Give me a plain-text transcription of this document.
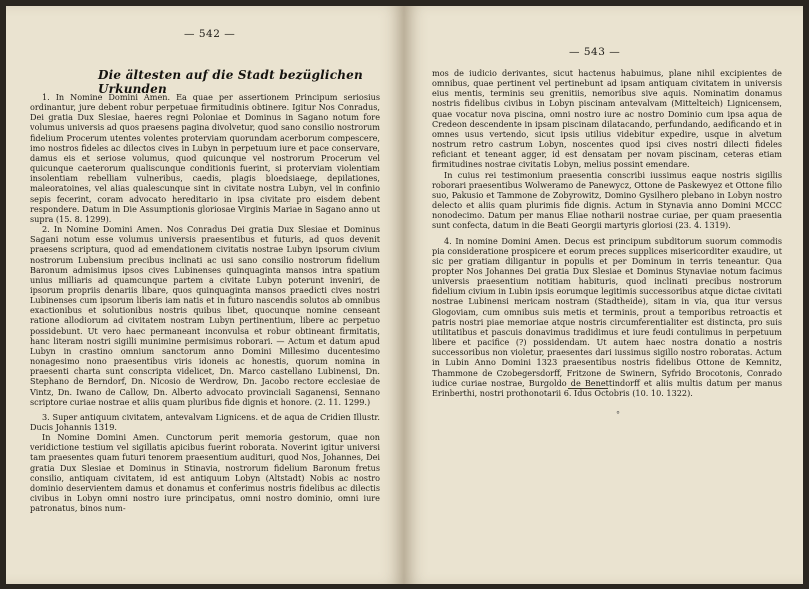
— 542 —
Die ältesten auf die Stadt bezüglichen Urkunden

1. In Nomine Domini Amen. Ea quae per assertionem Principum seriosius ordinantur, jure debent robur perpetuae firmitudinis obtinere. Igitur Nos Conradus, Dei gratia Dux Slesiae, haeres regni Poloniae et Dominus in Sagano notum fore volumus universis ad quos praesens pagina divolvetur, quod sano consilio nostrorum fidelium Procerum utentes volentes proterviam quorundam acerborum compescere, imo nostros fideles ac dilectos cives in Lubyn in perpetuum iure et pace conservare, damus eis et seriose volumus, quod quicunque vel nostrorum Procerum vel quicunque caeterorum qualiscunque conditionis fuerint, si proterviam violentiam insolentiam rebelliam vulneribus, caedis, plagis bloedsiaege, depilationes, maleoratoines, vel alias qualescunque sint in civitate nostra Lubyn, vel in confinio sepis fecerint, coram advocato hereditario in ipsa civitate pro eisdem debent respondere. Datum in Die Assumptionis gloriosae Virginis Mariae in Sagano anno ut supra (15. 8. 1299).

2. In Nomine Domini Amen. Nos Conradus Dei gratia Dux Slesiae et Dominus Sagani notum esse volumus universis praesentibus et futuris, ad quos devenit praesens scriptura, quod ad emendationem civitatis nostrae Lubyn ipsorum civium nostrorum Lubensium precibus inclinati ac usi sano consilio nostrorum fidelium Baronum admisimus ipsos cives Lubinenses quinquaginta mansos intra spatium unius milliaris ad quamcunque partem a civitate Lubyn poterunt inveniri, de ipsorum propriis denariis libare, quos quinquaginta mansos praedicti cives nostri Lubinenses cum ipsorum liberis iam natis et in futuro nascendis solutos ab omnibus exactionibus et solutionibus nostris quibus libet, quocunque nomine censeant ratione allodiorum ad civitatem nostram Lubyn pertinentium, libere ac perpetuo possidebunt. Ut vero haec permaneant inconvulsa et robur obtineant firmitatis, hanc literam nostri sigilli munimine permisimus roborari. — Actum et datum apud Lubyn in crastino omnium sanctorum anno Domini Millesimo ducentesimo nonagesimo nono praesentibus viris idoneis ac honestis, quorum nomina in praesenti charta sunt conscripta videlicet, Dn. Marco castellano Lubinensi, Dn. Stephano de Berndorf, Dn. Nicosio de Werdrow, Dn. Jacobo rectore ecclesiae de Vintz, Dn. Iwano de Callow, Dn. Alberto advocato provinciali Saganensi, Sennano scriptore curiae nostrae et aliis quam pluribus fide dignis et honore. (2. 11. 1299.)

3. Super antiquum civitatem, antevalvam Lignicens. et de aqua de Cridien Illustr. Ducis Johannis 1319.

In Nomine Domini Amen. Cunctorum perit memoria gestorum, quae non veridictione testium vel sigillatis apicibus fuerint roborata. Noverint igitur universi tam praesentes quam futuri tenorem praesentium audituri, quod Nos, Johannes, Dei gratia Dux Slesiae et Dominus in Stinavia, nostrorum fidelium Baronum fretus consilio, antiquam civitatem, id est antiquum Lobyn (Altstadt) Nobis ac nostro dominio deservientem damus et donamus et conferimus nostris fidelibus ac dilectis civibus in Lobyn omni nostro iure principatus, omni nostro dominio, omni iure patronatus, binos num-

— 543 —

mos de iudicio derivantes, sicut hactenus habuimus, plane nihil excipientes de omnibus, quae pertinent vel pertinebunt ad ipsam antiquam civitatem in universis eius mentis, terminis seu grenitiis, nemoribus sive aquis. Nominatim donamus nostris fidelibus civibus in Lobyn piscinam antevalvam (Mittelteich) Lignicensem, quae vocatur nova piscina, omni nostro iure ac nostro Dominio cum ipsa aqua de Credeon descendente in ipsam piscinam dilatacando, perfundando, aedificando et in omnes usus vertendo, sicut ipsis utilius videbitur expedire, usque in alvetum nostrum retro castrum Lobyn, noscentes quod ipsi cives nostri dilecti fideles reficiant et teneant agger, id est densatam per novam piscinam, ceteras etiam firmitudines nostrae civitatis Lobyn, melius possint emendare.

In cuius rei testimonium praesentia conscribi iussimus eaque nostris sigillis roborari praesentibus Wolweramo de Panewycz, Ottone de Paskewyez et Ottone filio suo, Pakusio et Tammone de Zobyrowitz, Domino Gysilhero plebano in Lobyn nostro delecto et aliis quam plurimis fide dignis. Actum in Stynavia anno Domini MCCC nonodecimo. Datum per manus Eliae notharii nostrae curiae, per quam praesentia sunt confecta, datum in die Beati Georgii martyris gloriosi (23. 4. 1319).

4. In nomine Domini Amen. Decus est principum subditorum suorum commodis pia consideratione prospicere et eorum preces supplices misericorditer exaudire, ut sic per gratiam diligantur in populis et per Dominum in terris teneantur. Qua propter Nos Johannes Dei gratia Dux Slesiae et Dominus Stynaviae notum facimus universis praesentium notitiam habituris, quod inclinati precibus nostrorum fidelium civium in Lubin ipsis eorumque legitimis successoribus atque dictae civitati nostrae Lubinensi mericam nostram (Stadtheide), sitam in via, qua itur versus Glogoviam, cum omnibus suis metis et terminis, prout a temporibus retroactis et patris nostri piae memoriae atque nostris circumferentialiter est distincta, pro suis utilitatibus et pascuis donavimus tradidimus et iure feudi contulimus in perpetuum libere et pacifice (?) possidendam. Ut autem haec nostra donatio a nostris successoribus non violetur, praesentes dari iussimus sigillo nostro roboratas. Actum in Lubin Anno Domini 1323 praesentibus nostris fidelibus Ottone de Kemnitz, Thammone de Czobegersdorff, Fritzone de Swinern, Syfrido Brocotonis, Conrado iudice curiae nostrae, Burgoldo de Benettindorff et aliis multis datum per manus Erinberthi, nostri prothonotarii 6. Idus Octobris (10. 10. 1322).

°
